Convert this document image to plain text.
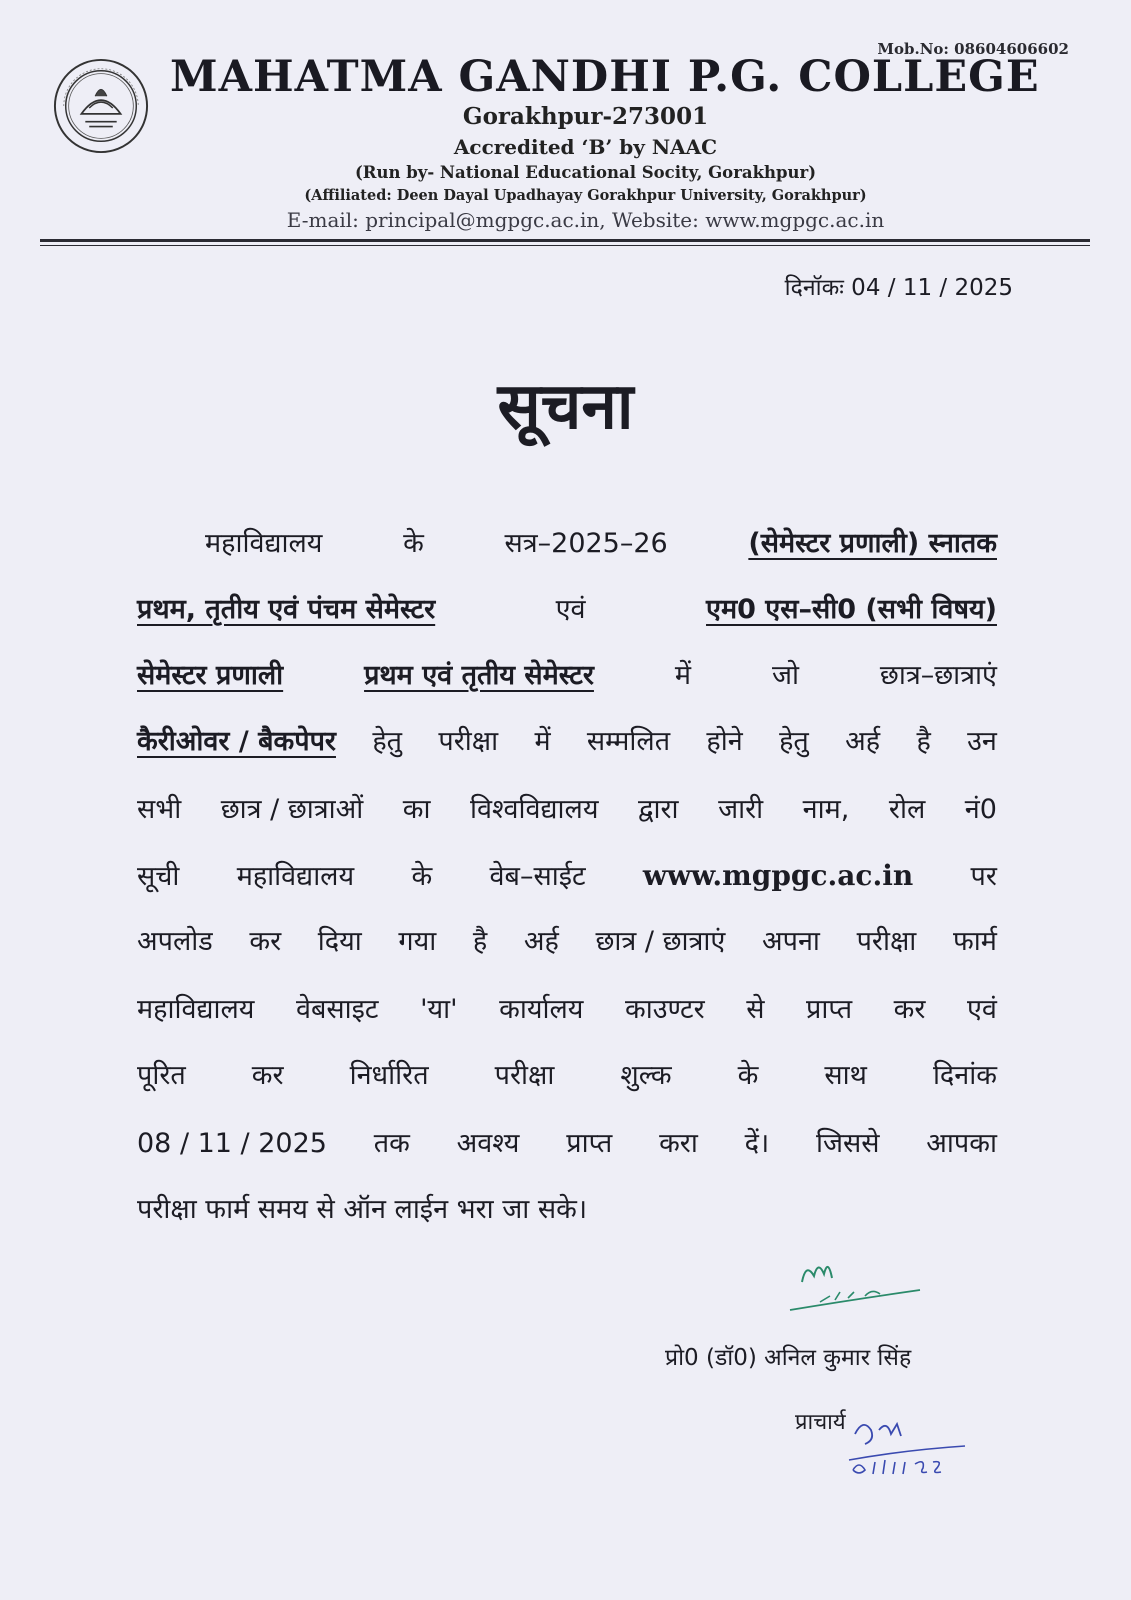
Mob.No: 08604606602
MAHATMA GANDHI P.G. COLLEGE
Gorakhpur-273001
Accredited ‘B’ by NAAC
(Run by- National Educational Socity, Gorakhpur)
(Affiliated: Deen Dayal Upadhayay Gorakhpur University, Gorakhpur)
E-mail: principal@mgpgc.ac.in, Website: www.mgpgc.ac.in
दिनॉकः 04 / 11 / 2025
सूचना
महाविद्यालय	के	सत्र–2025–26	(सेमेस्टर प्रणाली) स्नातक
प्रथम, तृतीय एवं पंचम सेमेस्टर	एवं	एम0 एस–सी0 (सभी विषय)
सेमेस्टर प्रणाली	प्रथम एवं तृतीय सेमेस्टर	में	जो	छात्र–छात्राएं
कैरीओवर / बैकपेपर हेतु परीक्षा में सम्मलित होने हेतु अर्ह है उन
सभी छात्र / छात्राओं का विश्वविद्यालय द्वारा जारी नाम, रोल नं0
सूची महाविद्यालय के वेब–साईट www.mgpgc.ac.in पर
अपलोड कर दिया गया है अर्ह छात्र / छात्राएं अपना परीक्षा फार्म
महाविद्यालय वेबसाइट 'या' कार्यालय काउण्टर से प्राप्त कर एवं
पूरित कर निर्धारित परीक्षा शुल्क के साथ दिनांक
08 / 11 / 2025 तक अवश्य प्राप्त करा दें। जिससे आपका
परीक्षा फार्म समय से ऑन लाईन भरा जा सके।
प्रो0 (डॉ0) अनिल कुमार सिंह
प्राचार्य
